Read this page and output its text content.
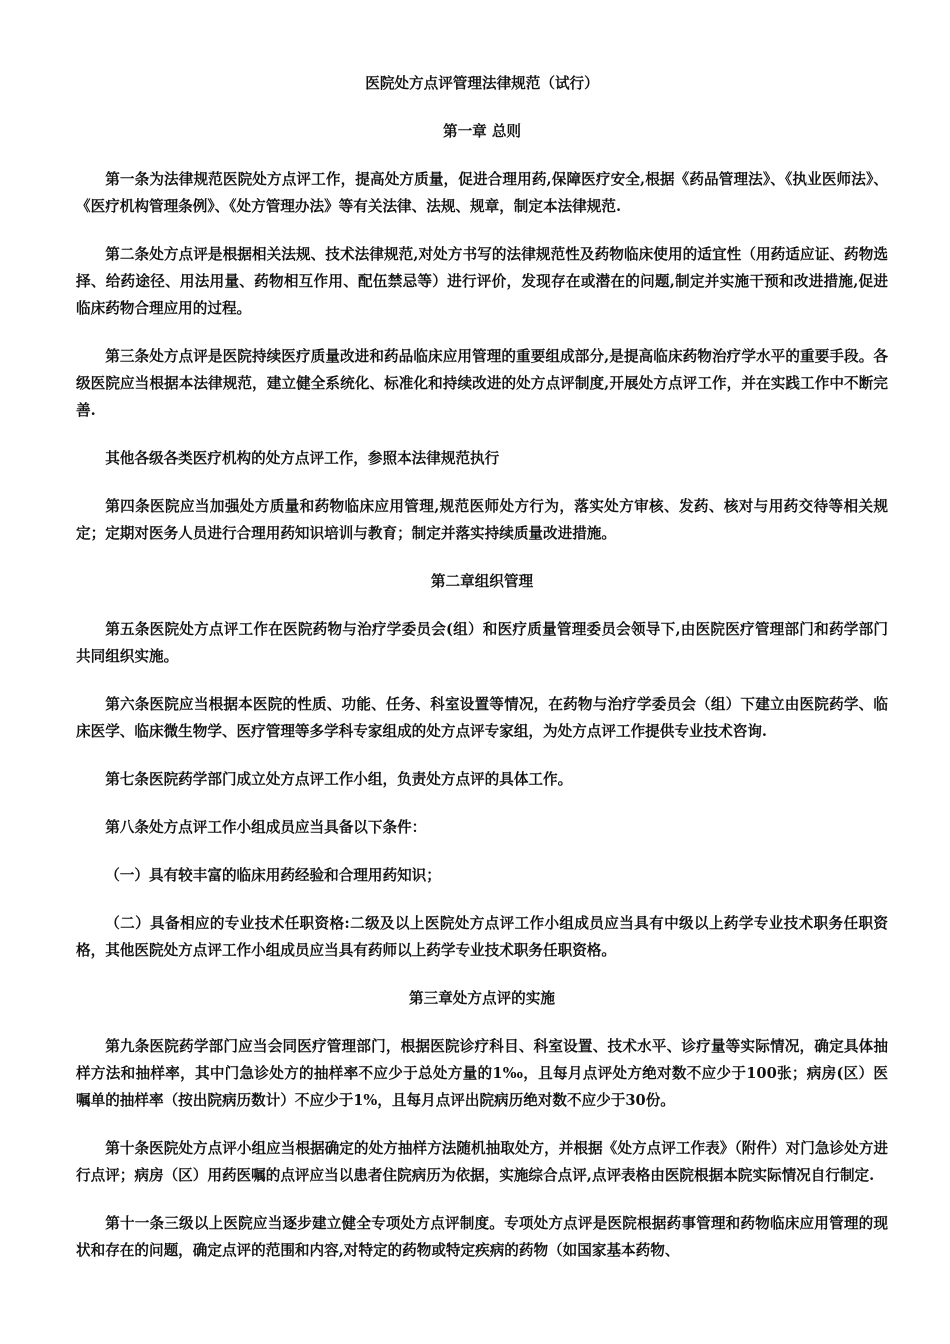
医院处方点评管理法律规范（试行）
第一章 总则
第一条为法律规范医院处方点评工作，提高处方质量，促进合理用药,保障医疗安全,根据《药品管理法》、《执业医师法》、《医疗机构管理条例》、《处方管理办法》等有关法律、法规、规章，制定本法律规范.
第二条处方点评是根据相关法规、技术法律规范,对处方书写的法律规范性及药物临床使用的适宜性（用药适应证、药物选择、给药途径、用法用量、药物相互作用、配伍禁忌等）进行评价，发现存在或潜在的问题,制定并实施干预和改进措施,促进临床药物合理应用的过程。
第三条处方点评是医院持续医疗质量改进和药品临床应用管理的重要组成部分,是提高临床药物治疗学水平的重要手段。各级医院应当根据本法律规范，建立健全系统化、标准化和持续改进的处方点评制度,开展处方点评工作，并在实践工作中不断完善.
其他各级各类医疗机构的处方点评工作，参照本法律规范执行
第四条医院应当加强处方质量和药物临床应用管理,规范医师处方行为，落实处方审核、发药、核对与用药交待等相关规定；定期对医务人员进行合理用药知识培训与教育；制定并落实持续质量改进措施。
第二章组织管理
第五条医院处方点评工作在医院药物与治疗学委员会(组）和医疗质量管理委员会领导下,由医院医疗管理部门和药学部门共同组织实施。
第六条医院应当根据本医院的性质、功能、任务、科室设置等情况，在药物与治疗学委员会（组）下建立由医院药学、临床医学、临床微生物学、医疗管理等多学科专家组成的处方点评专家组，为处方点评工作提供专业技术咨询.
第七条医院药学部门成立处方点评工作小组，负责处方点评的具体工作。
第八条处方点评工作小组成员应当具备以下条件：
（一）具有较丰富的临床用药经验和合理用药知识；
（二）具备相应的专业技术任职资格:二级及以上医院处方点评工作小组成员应当具有中级以上药学专业技术职务任职资格，其他医院处方点评工作小组成员应当具有药师以上药学专业技术职务任职资格。
第三章处方点评的实施
第九条医院药学部门应当会同医疗管理部门，根据医院诊疗科目、科室设置、技术水平、诊疗量等实际情况，确定具体抽样方法和抽样率，其中门急诊处方的抽样率不应少于总处方量的1‰，且每月点评处方绝对数不应少于100张；病房(区）医嘱单的抽样率（按出院病历数计）不应少于1%，且每月点评出院病历绝对数不应少于30份。
第十条医院处方点评小组应当根据确定的处方抽样方法随机抽取处方，并根据《处方点评工作表》（附件）对门急诊处方进行点评；病房（区）用药医嘱的点评应当以患者住院病历为依据，实施综合点评,点评表格由医院根据本院实际情况自行制定.
第十一条三级以上医院应当逐步建立健全专项处方点评制度。专项处方点评是医院根据药事管理和药物临床应用管理的现状和存在的问题，确定点评的范围和内容,对特定的药物或特定疾病的药物（如国家基本药物、
